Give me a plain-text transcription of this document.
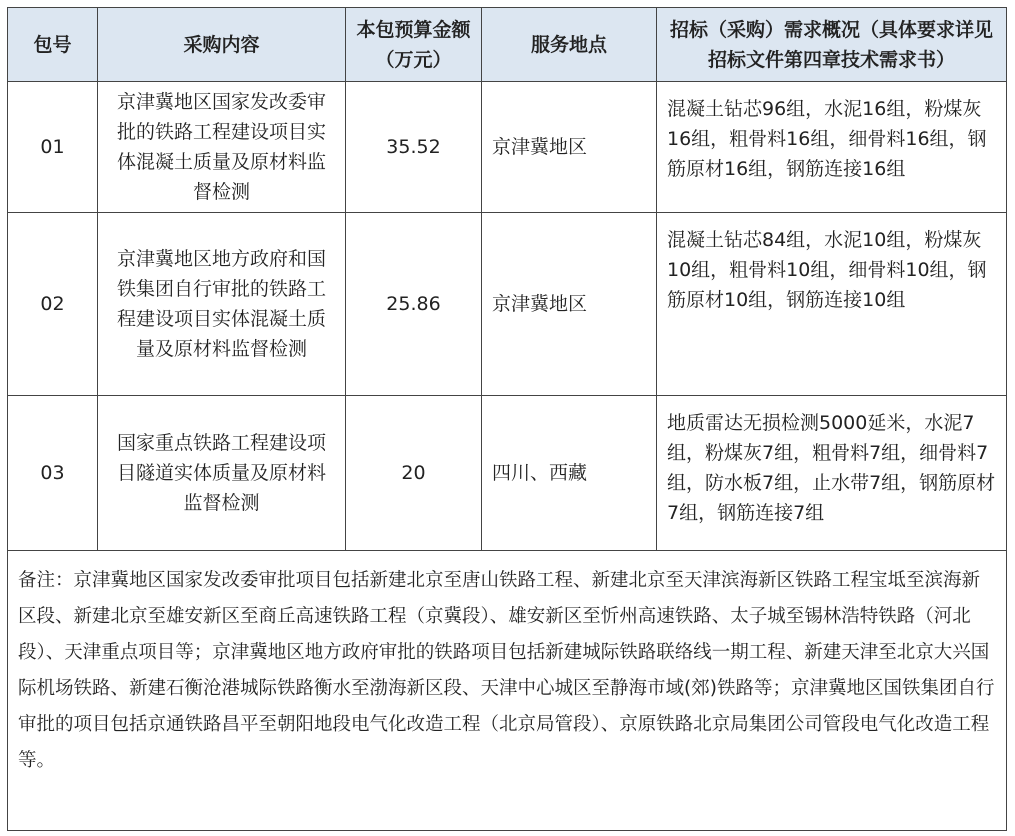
包号	采购内容	本包预算金额（万元）	服务地点	招标（采购）需求概况（具体要求详见招标文件第四章技术需求书）
01	京津冀地区国家发改委审批的铁路工程建设项目实体混凝土质量及原材料监督检测	35.52	京津冀地区	混凝土钻芯96组，水泥16组，粉煤灰16组，粗骨料16组，细骨料16组，钢筋原材16组，钢筋连接16组
02	京津冀地区地方政府和国铁集团自行审批的铁路工程建设项目实体混凝土质量及原材料监督检测	25.86	京津冀地区	混凝土钻芯84组，水泥10组，粉煤灰10组，粗骨料10组，细骨料10组，钢筋原材10组，钢筋连接10组
03	国家重点铁路工程建设项目隧道实体质量及原材料监督检测	20	四川、西藏	地质雷达无损检测5000延米，水泥7组，粉煤灰7组，粗骨料7组，细骨料7组，防水板7组，止水带7组，钢筋原材7组，钢筋连接7组
备注：京津冀地区国家发改委审批项目包括新建北京至唐山铁路工程、新建北京至天津滨海新区铁路工程宝坻至滨海新区段、新建北京至雄安新区至商丘高速铁路工程（京冀段）、雄安新区至忻州高速铁路、太子城至锡林浩特铁路（河北段）、天津重点项目等；京津冀地区地方政府审批的铁路项目包括新建城际铁路联络线一期工程、新建天津至北京大兴国际机场铁路、新建石衡沧港城际铁路衡水至渤海新区段、天津中心城区至静海市域(郊)铁路等；京津冀地区国铁集团自行审批的项目包括京通铁路昌平至朝阳地段电气化改造工程（北京局管段）、京原铁路北京局集团公司管段电气化改造工程等。				
